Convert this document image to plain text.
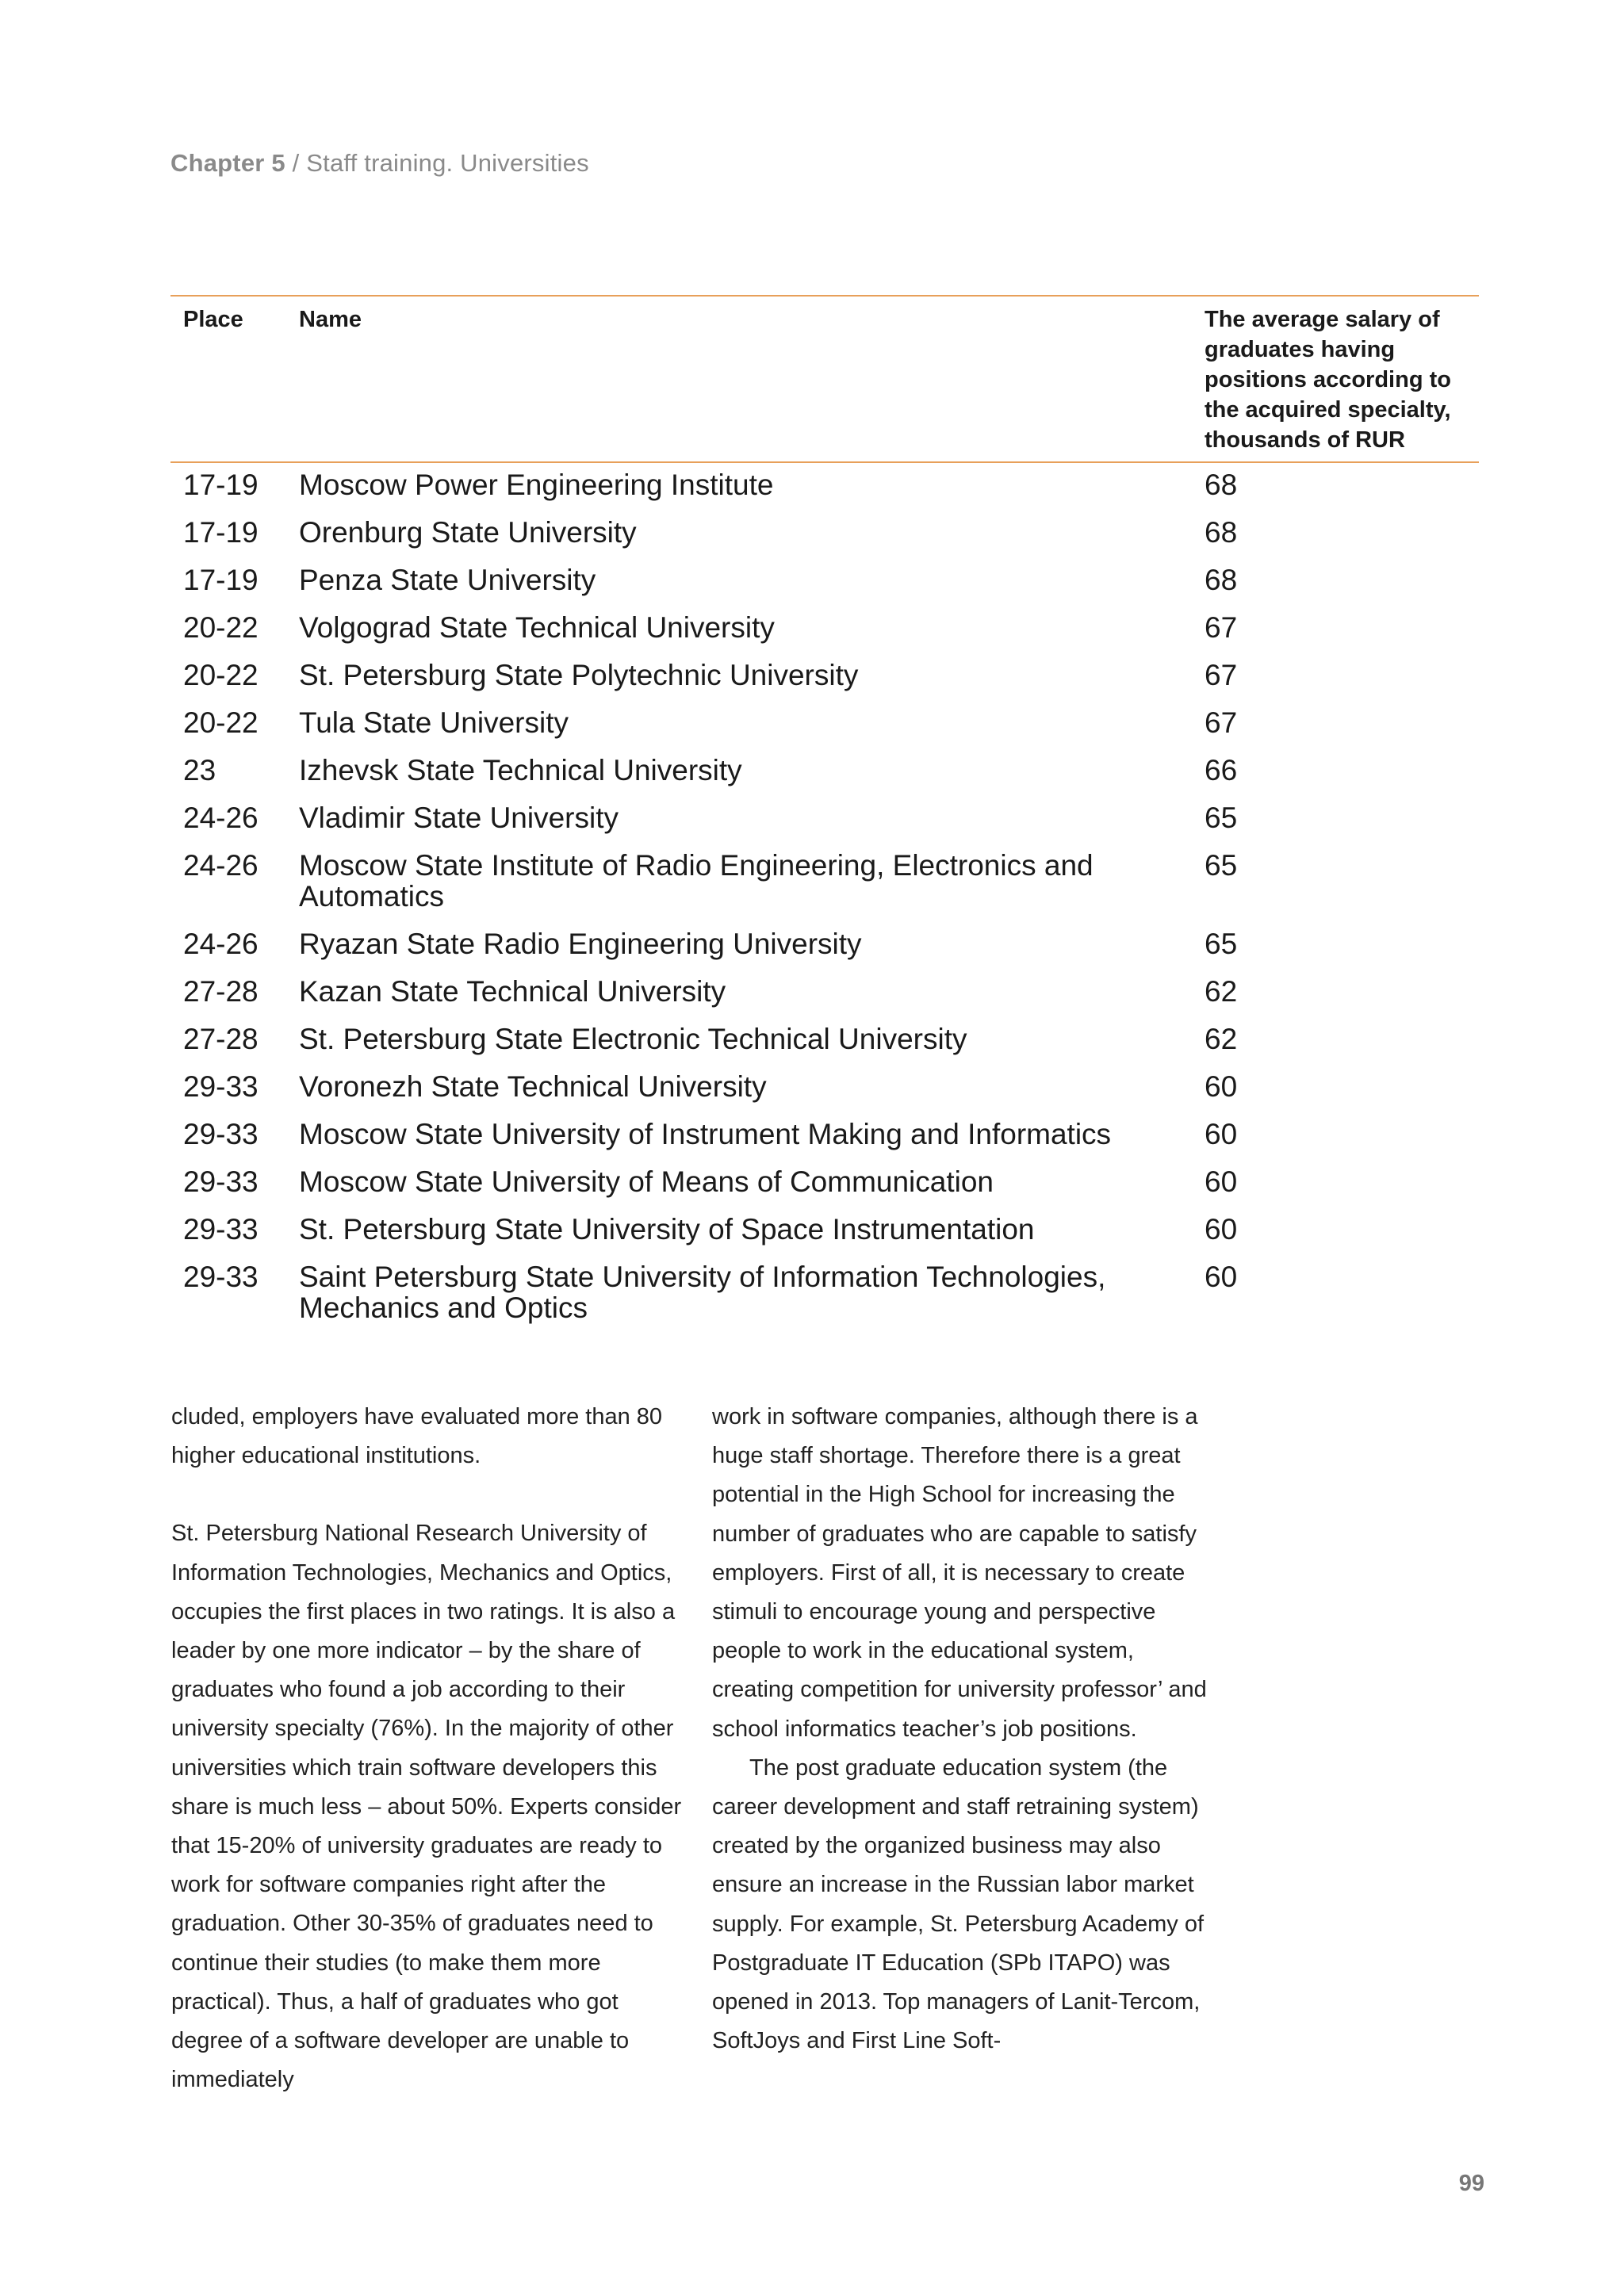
Chapter 5 / Staff training. Universities
Place	Name	The average salary of graduates having positions according to the acquired specialty, thousands of RUR
17-19	Moscow Power Engineering Institute	68
17-19	Orenburg State University	68
17-19	Penza State University	68
20-22	Volgograd State Technical University	67
20-22	St. Petersburg State Polytechnic University	67
20-22	Tula State University	67
23	Izhevsk State Technical University	66
24-26	Vladimir State University	65
24-26	Moscow State Institute of Radio Engineering, Electronics and Automatics	65
24-26	Ryazan State Radio Engineering University	65
27-28	Kazan State Technical University	62
27-28	St. Petersburg State Electronic Technical University	62
29-33	Voronezh State Technical University	60
29-33	Moscow State University of Instrument Making and Informatics	60
29-33	Moscow State University of Means of Communication	60
29-33	St. Petersburg State University of Space Instrumentation	60
29-33	Saint Petersburg State University of Information Technologies, Mechanics and Optics	60

cluded, employers have evaluated more than 80 higher educational institutions.

St. Petersburg National Research University of Information Technologies, Mechanics and Optics, occupies the first places in two ratings. It is also a leader by one more indicator – by the share of graduates who found a job according to their university specialty (76%). In the majority of other universities which train software developers this share is much less – about 50%. Experts consider that 15-20% of university graduates are ready to work for software companies right after the graduation. Other 30-35% of graduates need to continue their studies (to make them more practical). Thus, a half of graduates who got degree of a software developer are unable to immediately

work in software companies, although there is a huge staff shortage. Therefore there is a great potential in the High School for increasing the number of graduates who are capable to satisfy employers. First of all, it is necessary to create stimuli to encourage young and perspective people to work in the educational system, creating competition for university professor’ and school informatics teacher’s job positions.

The post graduate education system (the career development and staff retraining system) created by the organized business may also ensure an increase in the Russian labor market supply. For example, St. Petersburg Academy of Postgraduate IT Education (SPb ITAPO) was opened in 2013. Top managers of Lanit-Tercom, SoftJoys and First Line Soft-

99
